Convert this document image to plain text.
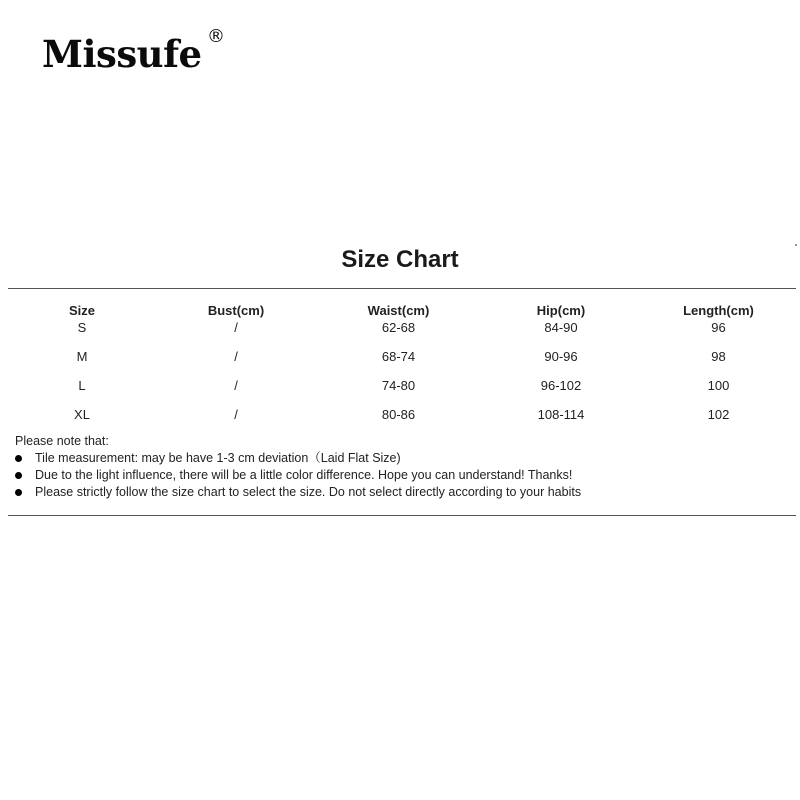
Missufe ®
Size Chart
Size	Bust(cm)	Waist(cm)	Hip(cm)	Length(cm)
S	/	62-68	84-90	96
M	/	68-74	90-96	98
L	/	74-80	96-102	100
XL	/	80-86	108-114	102
Please note that:
Tile measurement: may be have 1-3 cm deviation（Laid Flat Size)
Due to the light influence, there will be a little color difference. Hope you can understand! Thanks!
Please strictly follow the size chart to select the size. Do not select directly according to your habits
